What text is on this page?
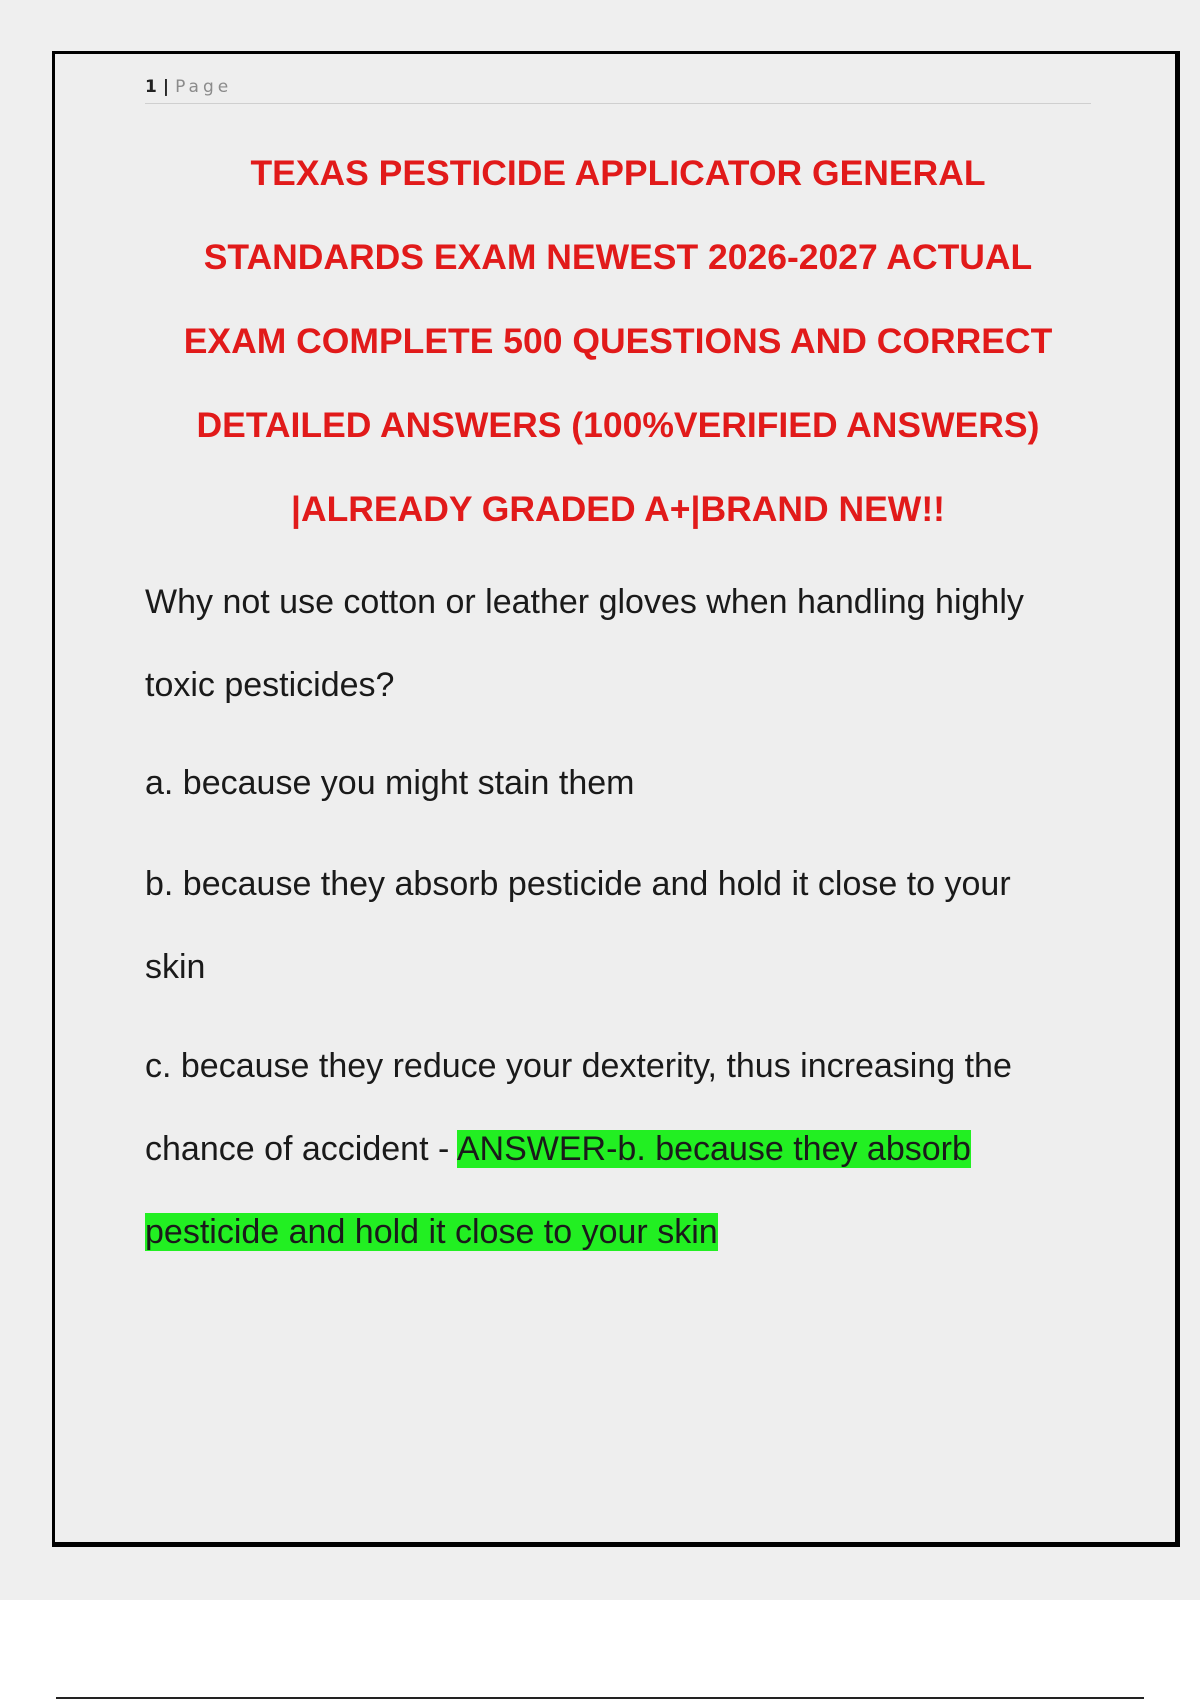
1 | Page
TEXAS PESTICIDE APPLICATOR GENERAL
STANDARDS EXAM NEWEST 2026-2027 ACTUAL
EXAM COMPLETE 500 QUESTIONS AND CORRECT
DETAILED ANSWERS (100%VERIFIED ANSWERS)
|ALREADY GRADED A+|BRAND NEW!!

Why not use cotton or leather gloves when handling highly
toxic pesticides?

a. because you might stain them

b. because they absorb pesticide and hold it close to your
skin

c. because they reduce your dexterity, thus increasing the
chance of accident - ANSWER-b. because they absorb
pesticide and hold it close to your skin
